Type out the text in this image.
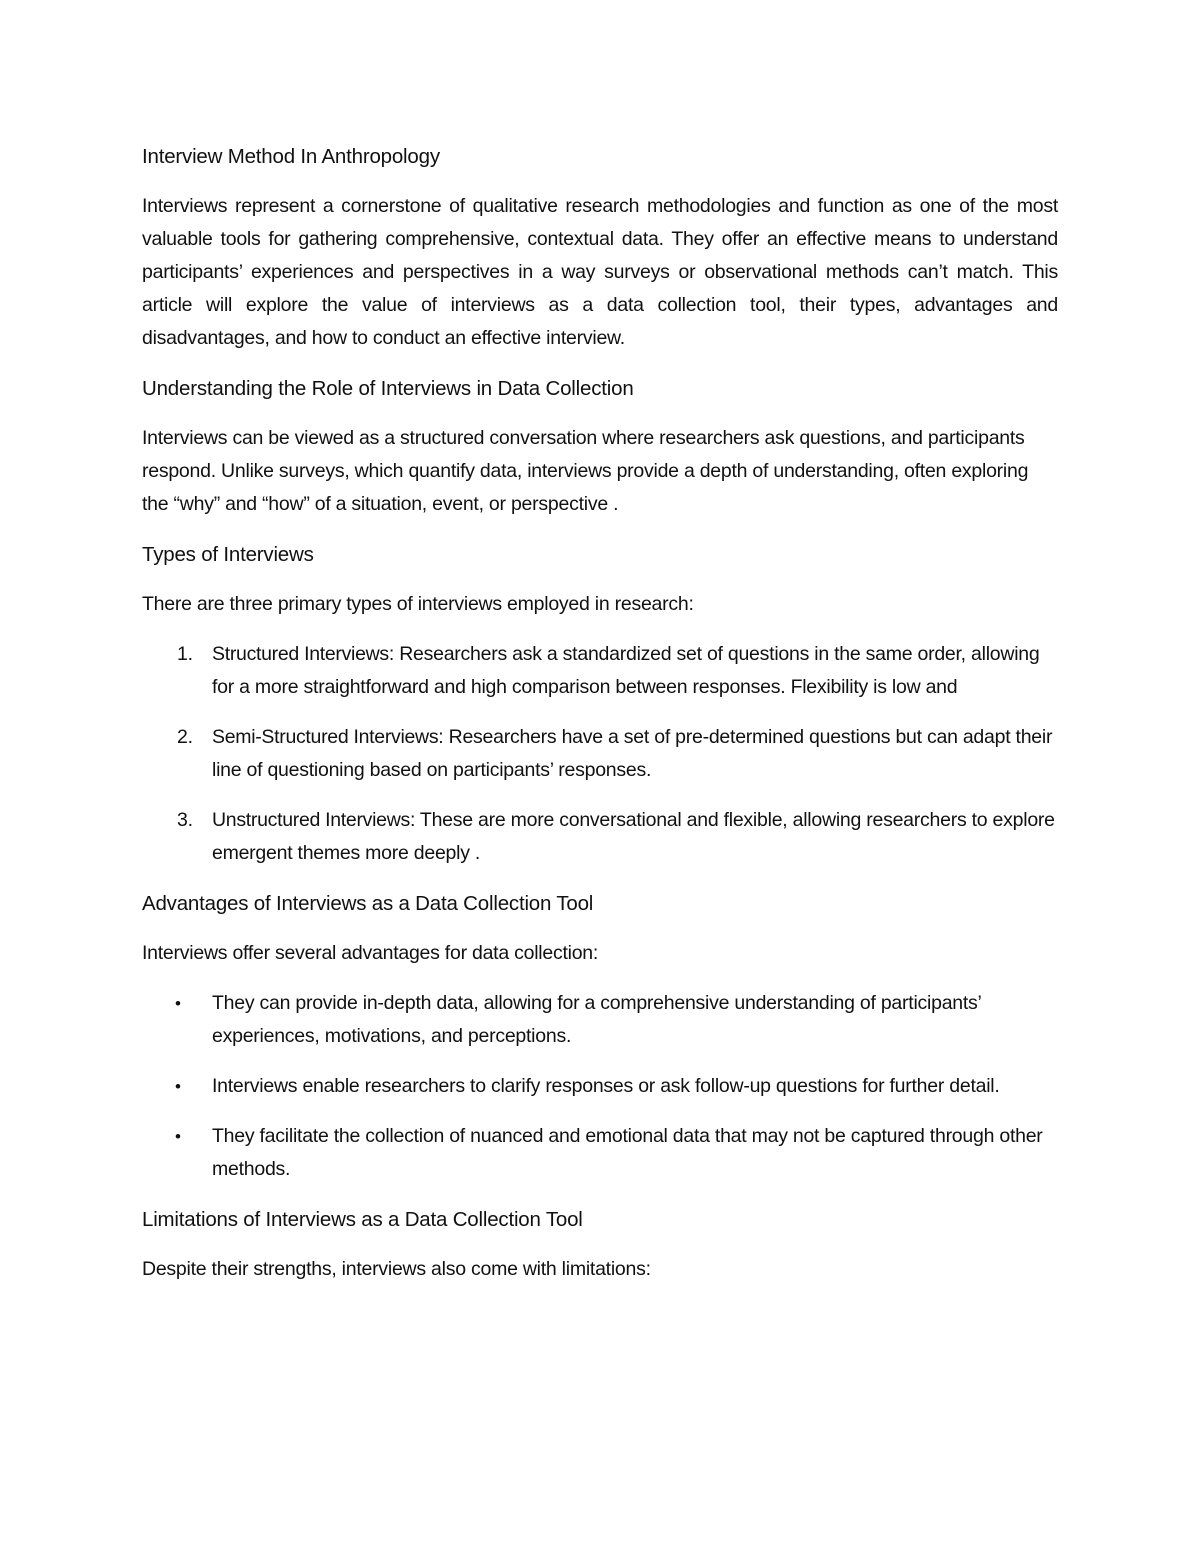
Interview Method In Anthropology

Interviews represent a cornerstone of qualitative research methodologies and function as one of the most valuable tools for gathering comprehensive, contextual data. They offer an effective means to understand participants’ experiences and perspectives in a way surveys or observational methods can’t match. This article will explore the value of interviews as a data collection tool, their types, advantages and disadvantages, and how to conduct an effective interview.

Understanding the Role of Interviews in Data Collection

Interviews can be viewed as a structured conversation where researchers ask questions, and participants respond. Unlike surveys, which quantify data, interviews provide a depth of understanding, often exploring the “why” and “how” of a situation, event, or perspective .

Types of Interviews

There are three primary types of interviews employed in research:

1. Structured Interviews: Researchers ask a standardized set of questions in the same order, allowing for a more straightforward and high comparison between responses. Flexibility is low and
2. Semi-Structured Interviews: Researchers have a set of pre-determined questions but can adapt their line of questioning based on participants’ responses.
3. Unstructured Interviews: These are more conversational and flexible, allowing researchers to explore emergent themes more deeply .
Advantages of Interviews as a Data Collection Tool

Interviews offer several advantages for data collection:

• They can provide in-depth data, allowing for a comprehensive understanding of participants’ experiences, motivations, and perceptions.
• Interviews enable researchers to clarify responses or ask follow-up questions for further detail.
• They facilitate the collection of nuanced and emotional data that may not be captured through other methods.
Limitations of Interviews as a Data Collection Tool

Despite their strengths, interviews also come with limitations:
